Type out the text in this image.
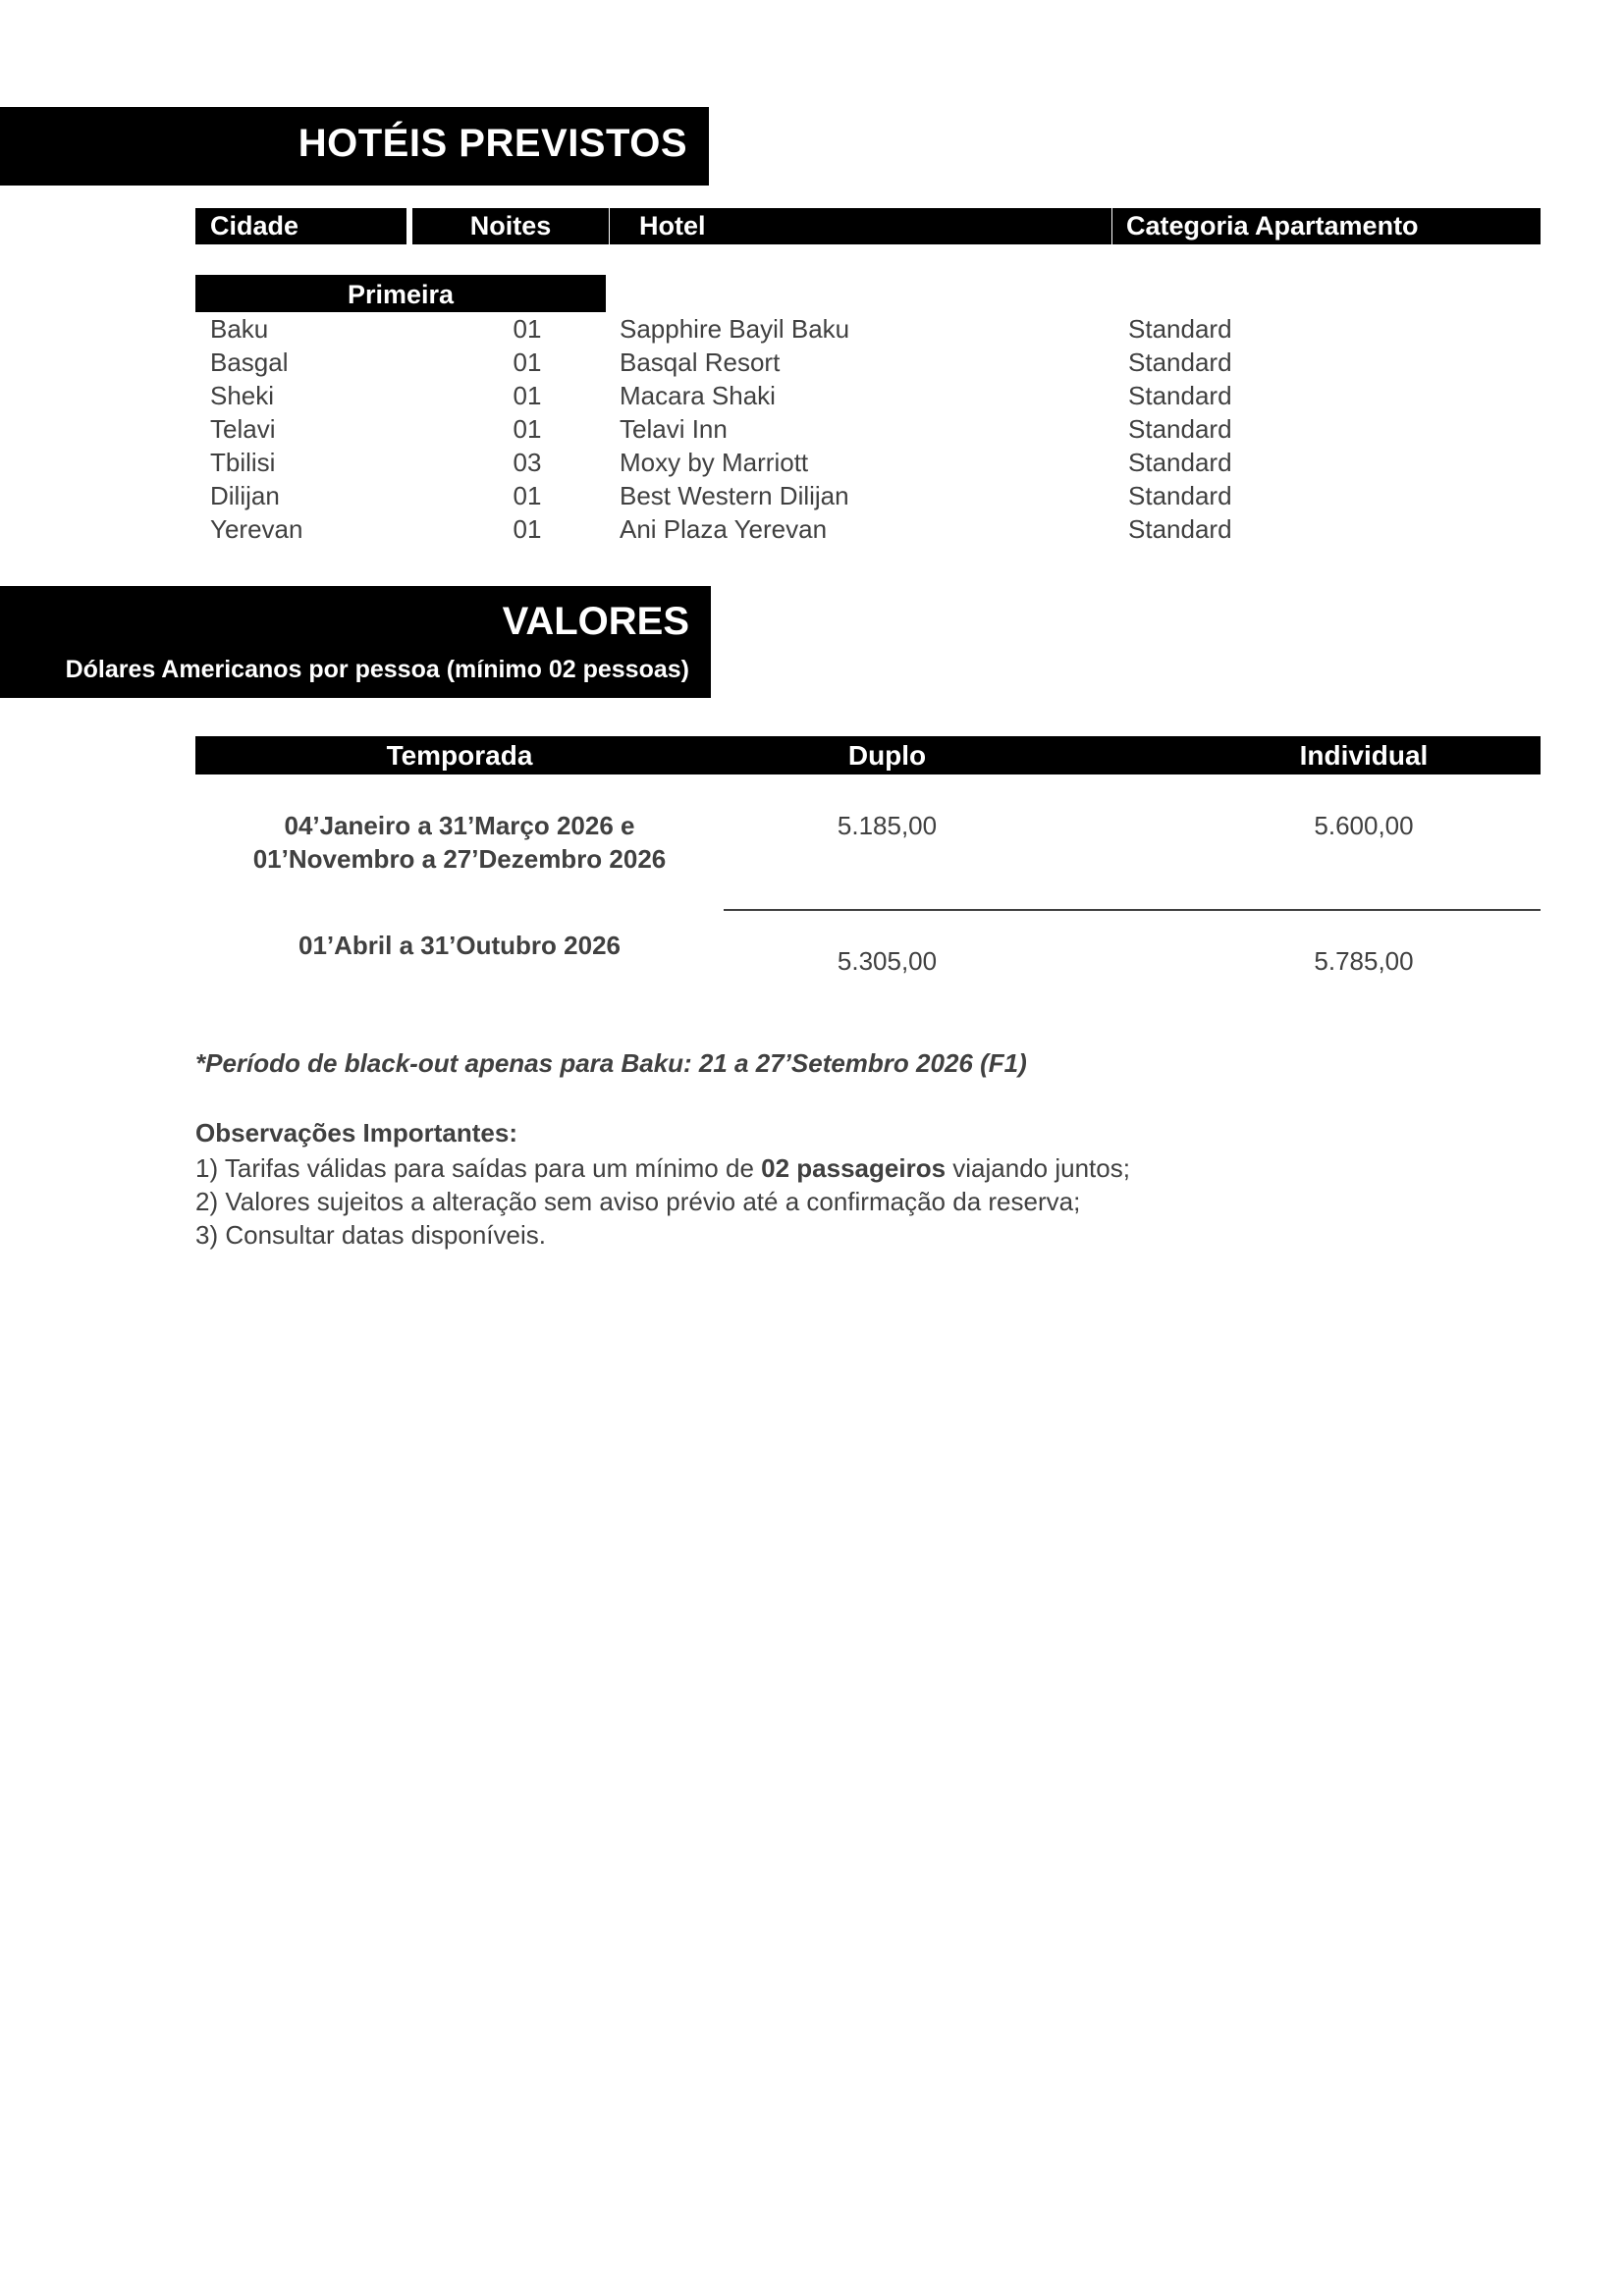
HOTÉIS PREVISTOS
Cidade	Noites	Hotel	Categoria Apartamento
Primeira
Baku	01	Sapphire Bayil Baku	Standard
Basgal	01	Basqal Resort	Standard
Sheki	01	Macara Shaki	Standard
Telavi	01	Telavi Inn	Standard
Tbilisi	03	Moxy by Marriott	Standard
Dilijan	01	Best Western Dilijan	Standard
Yerevan	01	Ani Plaza Yerevan	Standard
VALORES
Dólares Americanos por pessoa (mínimo 02 pessoas)
Temporada	Duplo	Individual
04’Janeiro a 31’Março 2026 e
01’Novembro a 27’Dezembro 2026
5.185,00	5.600,00
01’Abril a 31’Outubro 2026
5.305,00	5.785,00
*Período de black-out apenas para Baku: 21 a 27’Setembro 2026 (F1)
Observações Importantes:
1) Tarifas válidas para saídas para um mínimo de 02 passageiros viajando juntos;
2) Valores sujeitos a alteração sem aviso prévio até a confirmação da reserva;
3) Consultar datas disponíveis.
